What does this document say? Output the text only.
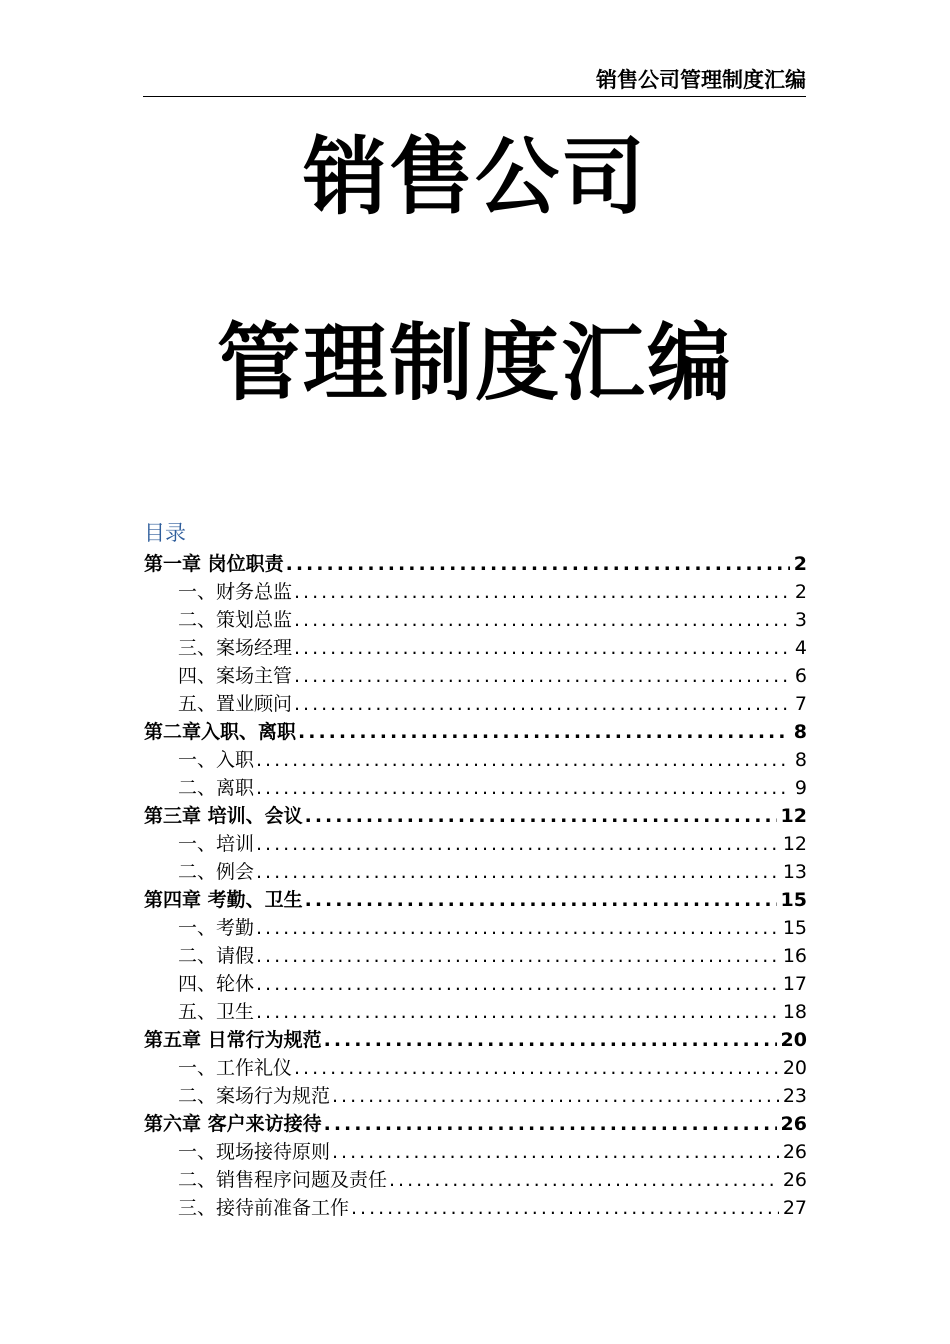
销售公司管理制度汇编
销售公司
管理制度汇编
目录
第一章 岗位职责 .....	2
一、财务总监 .....	2
二、策划总监 .....	3
三、案场经理 .....	4
四、案场主管 .....	6
五、置业顾问 .....	7
第二章入职、离职 .....	8
一、入职 .....	8
二、离职 .....	9
第三章 培训、会议 .....	12
一、培训 .....	12
二、例会 .....	13
第四章 考勤、卫生 .....	15
一、考勤 .....	15
二、请假 .....	16
四、轮休 .....	17
五、卫生 .....	18
第五章 日常行为规范 .....	20
一、工作礼仪 .....	20
二、案场行为规范 .....	23
第六章 客户来访接待 .....	26
一、现场接待原则 .....	26
二、销售程序问题及责任 .....	26
三、接待前准备工作 .....	27
